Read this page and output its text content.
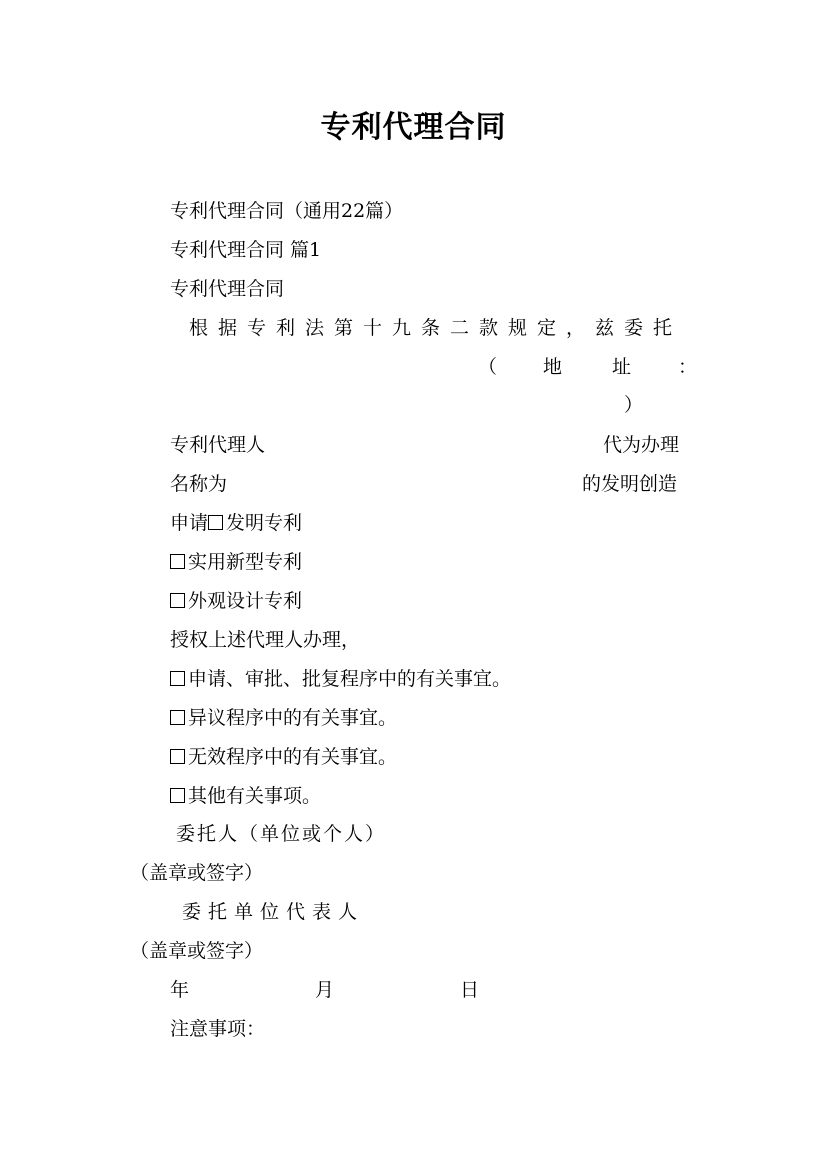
专利代理合同
专利代理合同（通用22篇）
专利代理合同 篇1
专利代理合同
根据专利法第十九条二款规定，兹委托
（ 地	址 ：
）
专利代理人	代为办理
名称为	的发明创造
申请 发明专利
实用新型专利
外观设计专利
授权上述代理人办理，
申请、审批、批复程序中的有关事宜。
异议程序中的有关事宜。
无效程序中的有关事宜。
其他有关事项。
委托人（单位或个人）
（盖章或签字）
委托单位代表人
（盖章或签字）
年	月	日
注意事项：
